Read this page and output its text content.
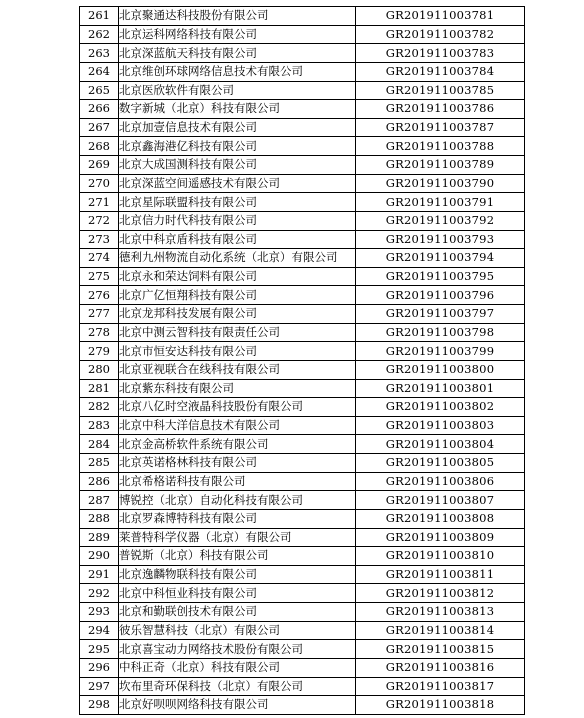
261	北京聚通达科技股份有限公司	GR201911003781
262	北京运科网络科技有限公司	GR201911003782
263	北京深蓝航天科技有限公司	GR201911003783
264	北京维创环球网络信息技术有限公司	GR201911003784
265	北京医欣软件有限公司	GR201911003785
266	数字新城（北京）科技有限公司	GR201911003786
267	北京加壹信息技术有限公司	GR201911003787
268	北京鑫海港亿科技有限公司	GR201911003788
269	北京大成国测科技有限公司	GR201911003789
270	北京深蓝空间遥感技术有限公司	GR201911003790
271	北京星际联盟科技有限公司	GR201911003791
272	北京信力时代科技有限公司	GR201911003792
273	北京中科京盾科技有限公司	GR201911003793
274	德利九州物流自动化系统（北京）有限公司	GR201911003794
275	北京永和荣达饲料有限公司	GR201911003795
276	北京广亿恒翔科技有限公司	GR201911003796
277	北京龙邦科技发展有限公司	GR201911003797
278	北京中测云智科技有限责任公司	GR201911003798
279	北京市恒安达科技有限公司	GR201911003799
280	北京亚视联合在线科技有限公司	GR201911003800
281	北京紫东科技有限公司	GR201911003801
282	北京八亿时空液晶科技股份有限公司	GR201911003802
283	北京中科大洋信息技术有限公司	GR201911003803
284	北京金高桥软件系统有限公司	GR201911003804
285	北京英诺格林科技有限公司	GR201911003805
286	北京希格诺科技有限公司	GR201911003806
287	博锐控（北京）自动化科技有限公司	GR201911003807
288	北京罗森博特科技有限公司	GR201911003808
289	莱普特科学仪器（北京）有限公司	GR201911003809
290	普锐斯（北京）科技有限公司	GR201911003810
291	北京逸麟物联科技有限公司	GR201911003811
292	北京中科恒业科技有限公司	GR201911003812
293	北京和勤联创技术有限公司	GR201911003813
294	彼乐智慧科技（北京）有限公司	GR201911003814
295	北京喜宝动力网络技术股份有限公司	GR201911003815
296	中科正奇（北京）科技有限公司	GR201911003816
297	坎布里奇环保科技（北京）有限公司	GR201911003817
298	北京好呗呗网络科技有限公司	GR201911003818
